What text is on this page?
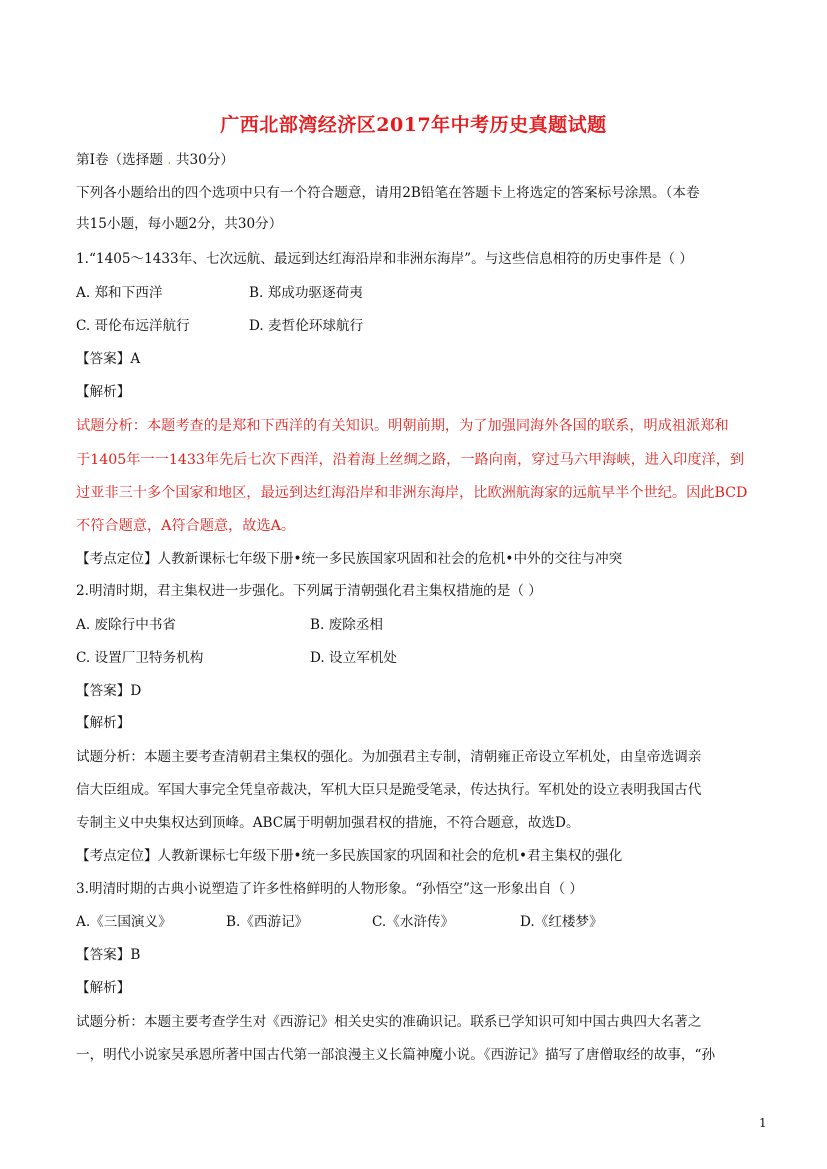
广西北部湾经济区2017年中考历史真题试题
第Ⅰ卷（选择题 . 共30分）
下列各小题给出的四个选项中只有一个符合题意，请用2B铅笔在答题卡上将选定的答案标号涂黑。（本卷
共15小题，每小题2分，共30分）
1.“1405～1433年、七次远航、最远到达红海沿岸和非洲东海岸”。与这些信息相符的历史事件是（ ）
A. 郑和下西洋	B. 郑成功驱逐荷夷
C. 哥伦布远洋航行	D. 麦哲伦环球航行
【答案】A
【解析】
试题分析：本题考查的是郑和下西洋的有关知识。明朝前期，为了加强同海外各国的联系，明成祖派郑和
于1405年一一1433年先后七次下西洋，沿着海上丝绸之路，一路向南，穿过马六甲海峡，进入印度洋，到
过亚非三十多个国家和地区，最远到达红海沿岸和非洲东海岸，比欧洲航海家的远航早半个世纪。因此BCD
不符合题意，A符合题意，故选A。
【考点定位】人教新课标七年级下册•统一多民族国家巩固和社会的危机•中外的交往与冲突
2.明清时期，君主集权进一步强化。下列属于清朝强化君主集权措施的是（ ）
A. 废除行中书省	B. 废除丞相
C. 设置厂卫特务机构	D. 设立军机处
【答案】D
【解析】
试题分析：本题主要考查清朝君主集权的强化。为加强君主专制，清朝雍正帝设立军机处，由皇帝选调亲
信大臣组成。军国大事完全凭皇帝裁决，军机大臣只是跪受笔录，传达执行。军机处的设立表明我国古代
专制主义中央集权达到顶峰。ABC属于明朝加强君权的措施，不符合题意，故选D。
【考点定位】人教新课标七年级下册•统一多民族国家的巩固和社会的危机•君主集权的强化
3.明清时期的古典小说塑造了许多性格鲜明的人物形象。“孙悟空”这一形象出自（ ）
A.《三国演义》	B.《西游记》	C.《水浒传》	D.《红楼梦》
【答案】B
【解析】
试题分析：本题主要考查学生对《西游记》相关史实的准确识记。联系已学知识可知中国古典四大名著之
一，明代小说家吴承恩所著中国古代第一部浪漫主义长篇神魔小说。《西游记》描写了唐僧取经的故事，“孙
1
